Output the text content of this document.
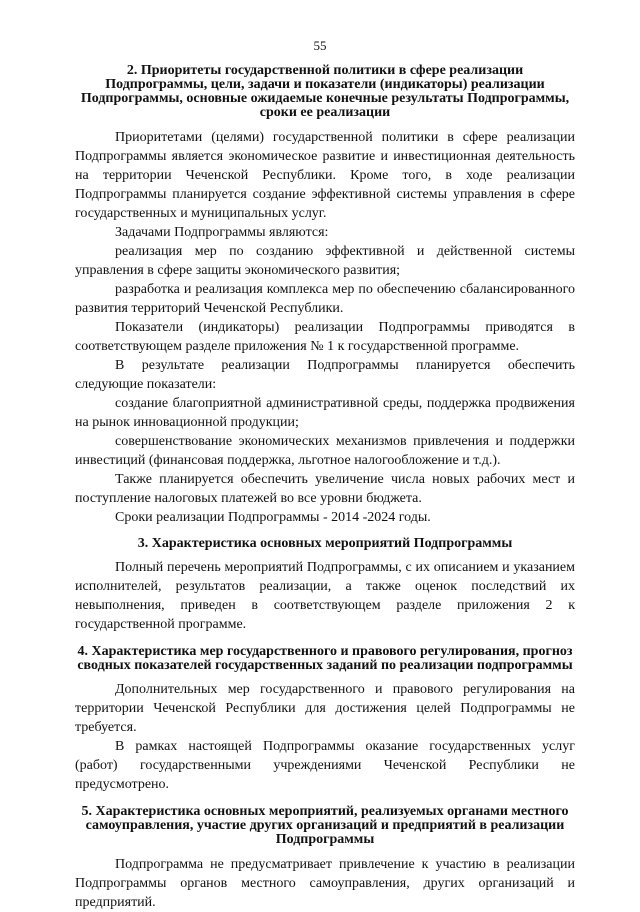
55

2. Приоритеты государственной политики в сфере реализации Подпрограммы, цели, задачи и показатели (индикаторы) реализации Подпрограммы, основные ожидаемые конечные результаты Подпрограммы, сроки ее реализации

Приоритетами (целями) государственной политики в сфере реализации Подпрограммы является экономическое развитие и инвестиционная деятельность на территории Чеченской Республики. Кроме того, в ходе реализации Подпрограммы планируется создание эффективной системы управления в сфере государственных и муниципальных услуг.

Задачами Подпрограммы являются:

реализация мер по созданию эффективной и действенной системы управления в сфере защиты экономического развития;

разработка и реализация комплекса мер по обеспечению сбалансированного развития территорий Чеченской Республики.

Показатели (индикаторы) реализации Подпрограммы приводятся в соответствующем разделе приложения № 1 к государственной программе.

В результате реализации Подпрограммы планируется обеспечить следующие показатели:

создание благоприятной административной среды, поддержка продвижения на рынок инновационной продукции;

совершенствование экономических механизмов привлечения и поддержки инвестиций (финансовая поддержка, льготное налогообложение и т.д.).

Также планируется обеспечить увеличение числа новых рабочих мест и поступление налоговых платежей во все уровни бюджета.

Сроки реализации Подпрограммы - 2014 -2024 годы.

3. Характеристика основных мероприятий Подпрограммы

Полный перечень мероприятий Подпрограммы, с их описанием и указанием исполнителей, результатов реализации, а также оценок последствий их невыполнения, приведен в соответствующем разделе приложения 2 к государственной программе.

4. Характеристика мер государственного и правового регулирования, прогноз сводных показателей государственных заданий по реализации подпрограммы

Дополнительных мер государственного и правового регулирования на территории Чеченской Республики для достижения целей Подпрограммы не требуется.

В рамках настоящей Подпрограммы оказание государственных услуг (работ) государственными учреждениями Чеченской Республики не предусмотрено.

5. Характеристика основных мероприятий, реализуемых органами местного самоуправления, участие других организаций и предприятий в реализации Подпрограммы

Подпрограмма не предусматривает привлечение к участию в реализации Подпрограммы органов местного самоуправления, других организаций и предприятий.
